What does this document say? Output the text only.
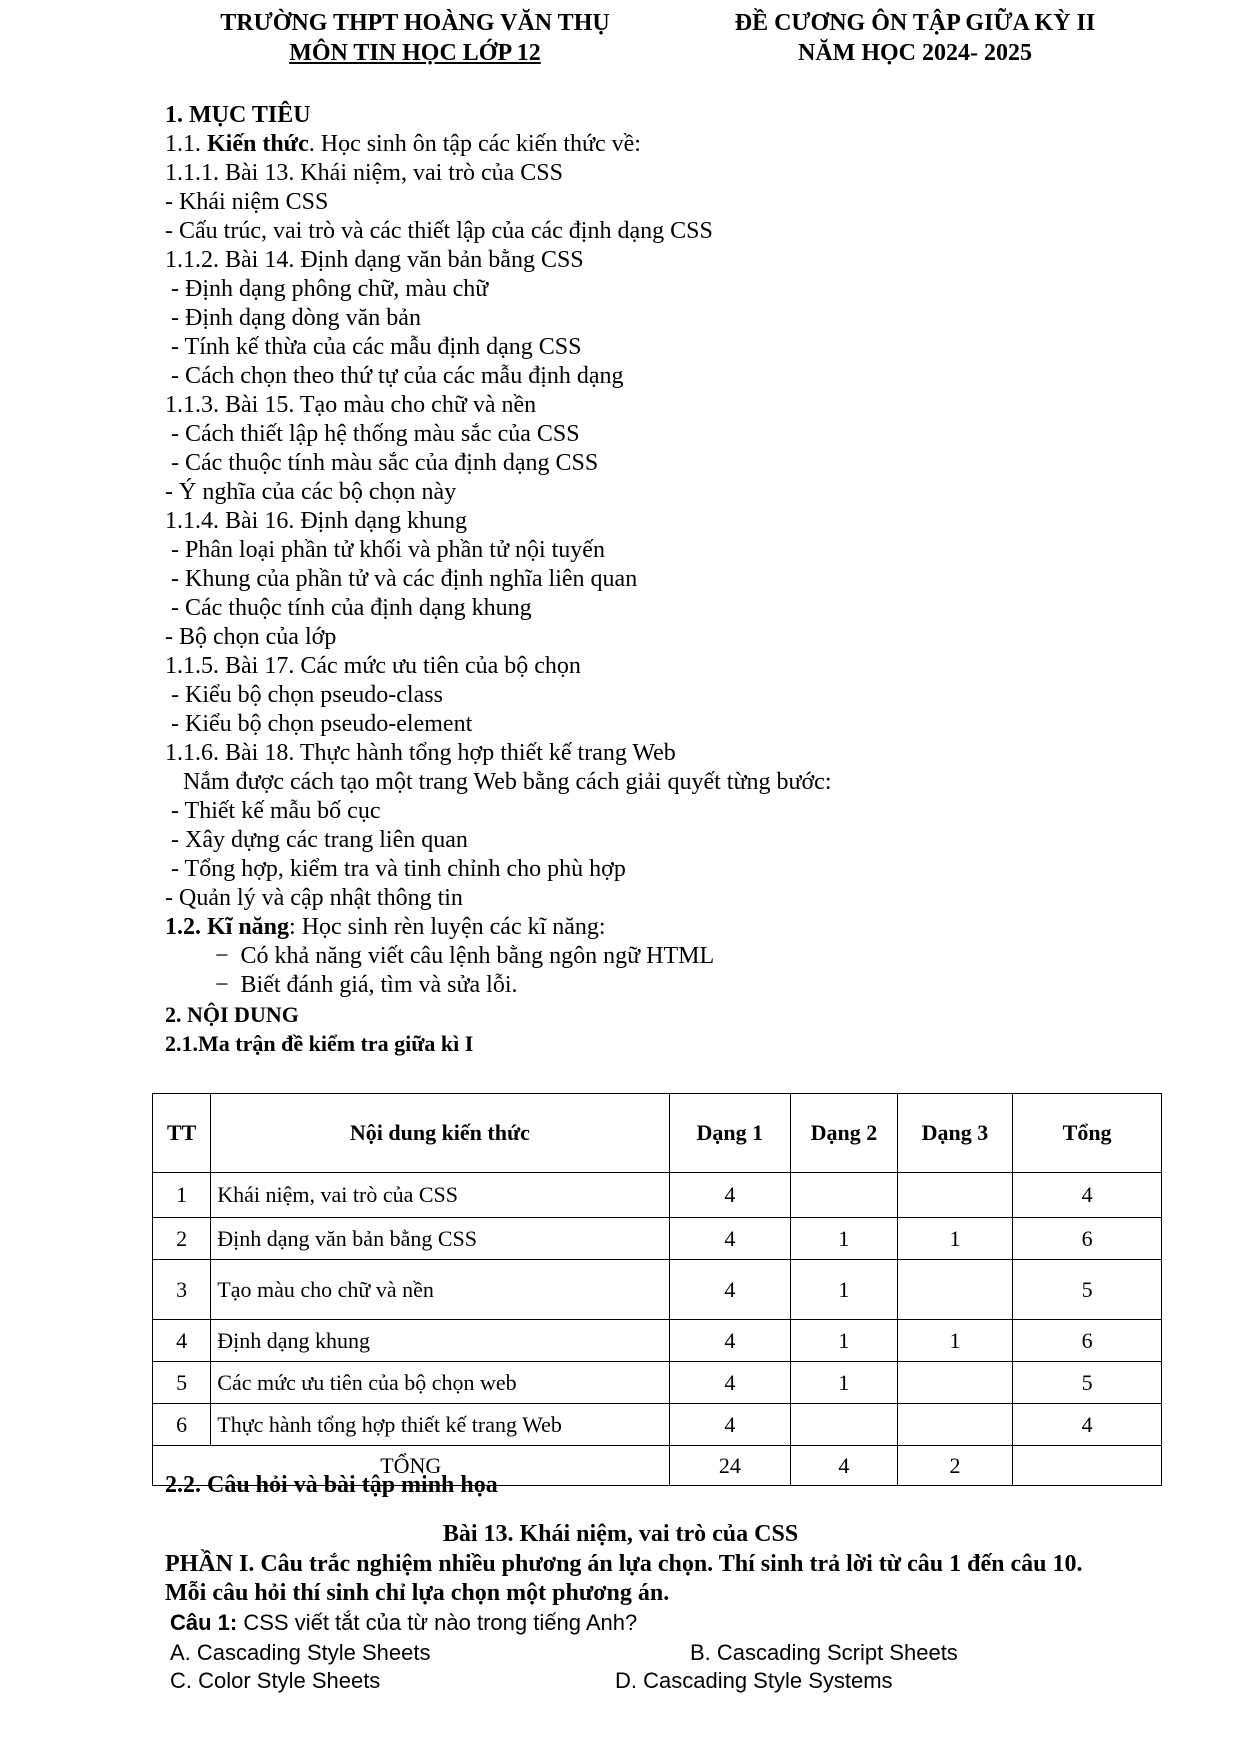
TRƯỜNG THPT HOÀNG VĂN THỤ
MÔN TIN HỌC LỚP 12
ĐỀ CƯƠNG ÔN TẬP GIỮA KỲ II
NĂM HỌC 2024- 2025
1. MỤC TIÊU
1.1. Kiến thức. Học sinh ôn tập các kiến thức về:
1.1.1. Bài 13. Khái niệm, vai trò của CSS
- Khái niệm CSS
- Cấu trúc, vai trò và các thiết lập của các định dạng CSS
1.1.2. Bài 14. Định dạng văn bản bằng CSS
- Định dạng phông chữ, màu chữ
- Định dạng dòng văn bản
- Tính kế thừa của các mẫu định dạng CSS
- Cách chọn theo thứ tự của các mẫu định dạng
1.1.3. Bài 15. Tạo màu cho chữ và nền
- Cách thiết lập hệ thống màu sắc của CSS
- Các thuộc tính màu sắc của định dạng CSS
- Ý nghĩa của các bộ chọn này
1.1.4. Bài 16. Định dạng khung
- Phân loại phần tử khối và phần tử nội tuyến
- Khung của phần tử và các định nghĩa liên quan
- Các thuộc tính của định dạng khung
- Bộ chọn của lớp
1.1.5. Bài 17. Các mức ưu tiên của bộ chọn
- Kiểu bộ chọn pseudo-class
- Kiểu bộ chọn pseudo-element
1.1.6. Bài 18. Thực hành tổng hợp thiết kế trang Web
Nắm được cách tạo một trang Web bằng cách giải quyết từng bước:
- Thiết kế mẫu bố cục
- Xây dựng các trang liên quan
- Tổng hợp, kiểm tra và tinh chỉnh cho phù hợp
- Quản lý và cập nhật thông tin
1.2. Kĩ năng: Học sinh rèn luyện các kĩ năng:
−  Có khả năng viết câu lệnh bằng ngôn ngữ HTML
−  Biết đánh giá, tìm và sửa lỗi.
2. NỘI DUNG
2.1.Ma trận đề kiểm tra giữa kì I
TT	Nội dung kiến thức	Dạng 1	Dạng 2	Dạng 3	Tổng
1	Khái niệm, vai trò của CSS	4			4
2	Định dạng văn bản bằng CSS	4	1	1	6
3	Tạo màu cho chữ và nền	4	1		5
4	Định dạng khung	4	1	1	6
5	Các mức ưu tiên của bộ chọn web	4	1		5
6	Thực hành tổng hợp thiết kế trang Web	4			4
TỔNG		24	4	2	
2.2. Câu hỏi và bài tập minh họa
Bài 13. Khái niệm, vai trò của CSS
PHẦN I. Câu trắc nghiệm nhiều phương án lựa chọn. Thí sinh trả lời từ câu 1 đến câu 10.
Mỗi câu hỏi thí sinh chỉ lựa chọn một phương án.
Câu 1: CSS viết tắt của từ nào trong tiếng Anh?
A. Cascading Style Sheets	B. Cascading Script Sheets
C. Color Style Sheets	D. Cascading Style Systems
